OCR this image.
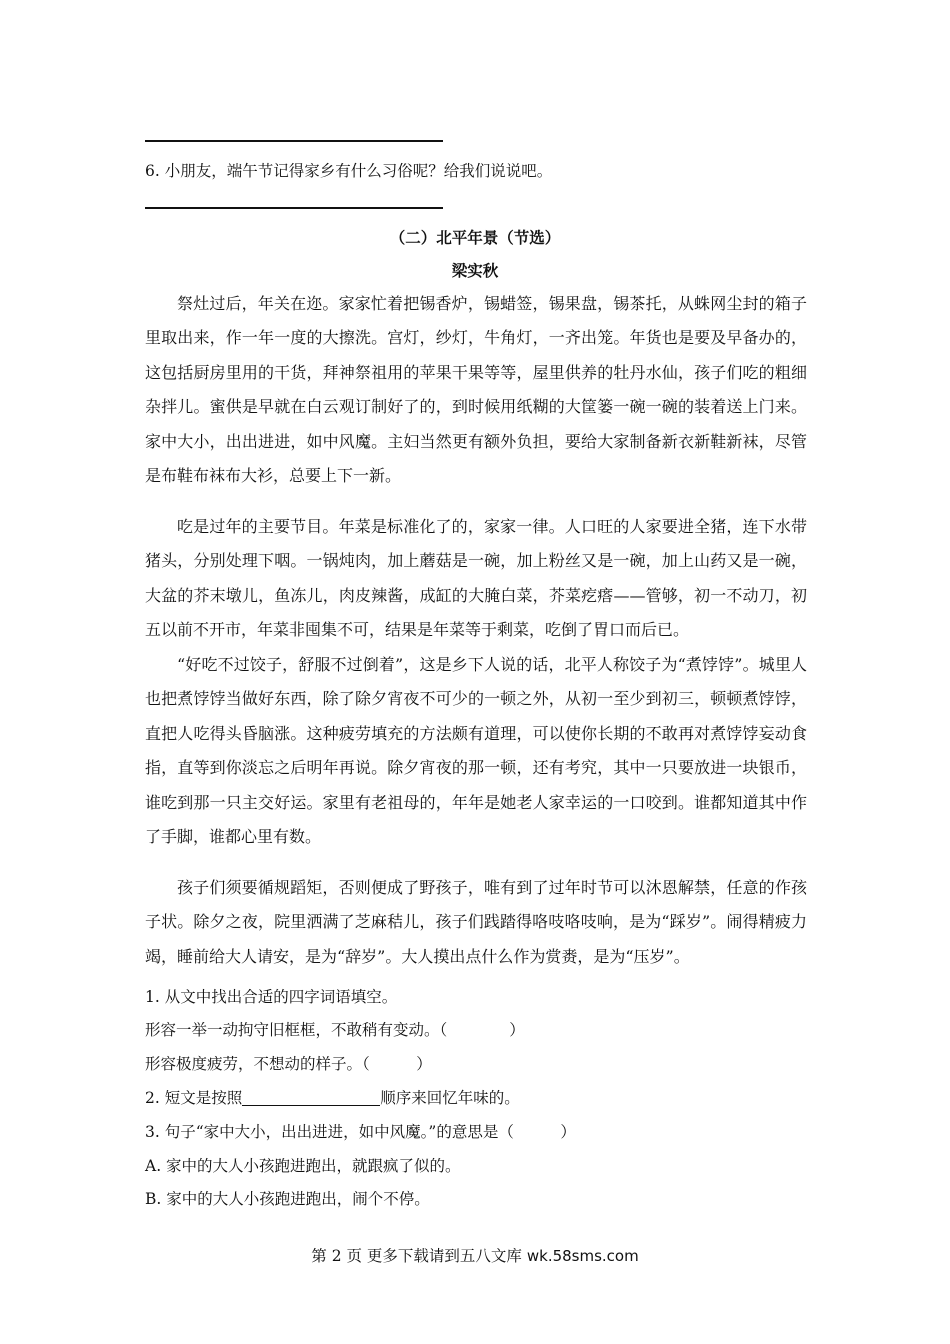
6. 小朋友，端午节记得家乡有什么习俗呢？给我们说说吧。
（二）北平年景（节选）
梁实秋

祭灶过后，年关在迩。家家忙着把锡香炉，锡蜡签，锡果盘，锡茶托，从蛛网尘封的箱子里取出来，作一年一度的大擦洗。宫灯，纱灯，牛角灯，一齐出笼。年货也是要及早备办的，这包括厨房里用的干货，拜神祭祖用的苹果干果等等，屋里供养的牡丹水仙，孩子们吃的粗细杂拌儿。蜜供是早就在白云观订制好了的，到时候用纸糊的大筐篓一碗一碗的装着送上门来。家中大小，出出进进，如中风魔。主妇当然更有额外负担，要给大家制备新衣新鞋新袜，尽管是布鞋布袜布大衫，总要上下一新。

吃是过年的主要节目。年菜是标准化了的，家家一律。人口旺的人家要进全猪，连下水带猪头，分别处理下咽。一锅炖肉，加上蘑菇是一碗，加上粉丝又是一碗，加上山药又是一碗，大盆的芥末墩儿，鱼冻儿，肉皮辣酱，成缸的大腌白菜，芥菜疙瘩——管够，初一不动刀，初五以前不开市，年菜非囤集不可，结果是年菜等于剩菜，吃倒了胃口而后已。

“好吃不过饺子，舒服不过倒着”，这是乡下人说的话，北平人称饺子为“煮饽饽”。城里人也把煮饽饽当做好东西，除了除夕宵夜不可少的一顿之外，从初一至少到初三，顿顿煮饽饽，直把人吃得头昏脑涨。这种疲劳填充的方法颇有道理，可以使你长期的不敢再对煮饽饽妄动食指，直等到你淡忘之后明年再说。除夕宵夜的那一顿，还有考究，其中一只要放进一块银币，谁吃到那一只主交好运。家里有老祖母的，年年是她老人家幸运的一口咬到。谁都知道其中作了手脚，谁都心里有数。

孩子们须要循规蹈矩，否则便成了野孩子，唯有到了过年时节可以沐恩解禁，任意的作孩子状。除夕之夜，院里洒满了芝麻秸儿，孩子们践踏得咯吱咯吱响，是为“踩岁”。闹得精疲力竭，睡前给大人请安，是为“辞岁”。大人摸出点什么作为赏赉，是为“压岁”。

1. 从文中找出合适的四字词语填空。
形容一举一动拘守旧框框，不敢稍有变动。（　　　　）
形容极度疲劳，不想动的样子。（　　　）
2. 短文是按照	顺序来回忆年味的。
3. 句子“家中大小，出出进进，如中风魔。”的意思是（　　　）
A. 家中的大人小孩跑进跑出，就跟疯了似的。
B. 家中的大人小孩跑进跑出，闹个不停。
第 2 页 更多下载请到五八文库 wk.58sms.com
